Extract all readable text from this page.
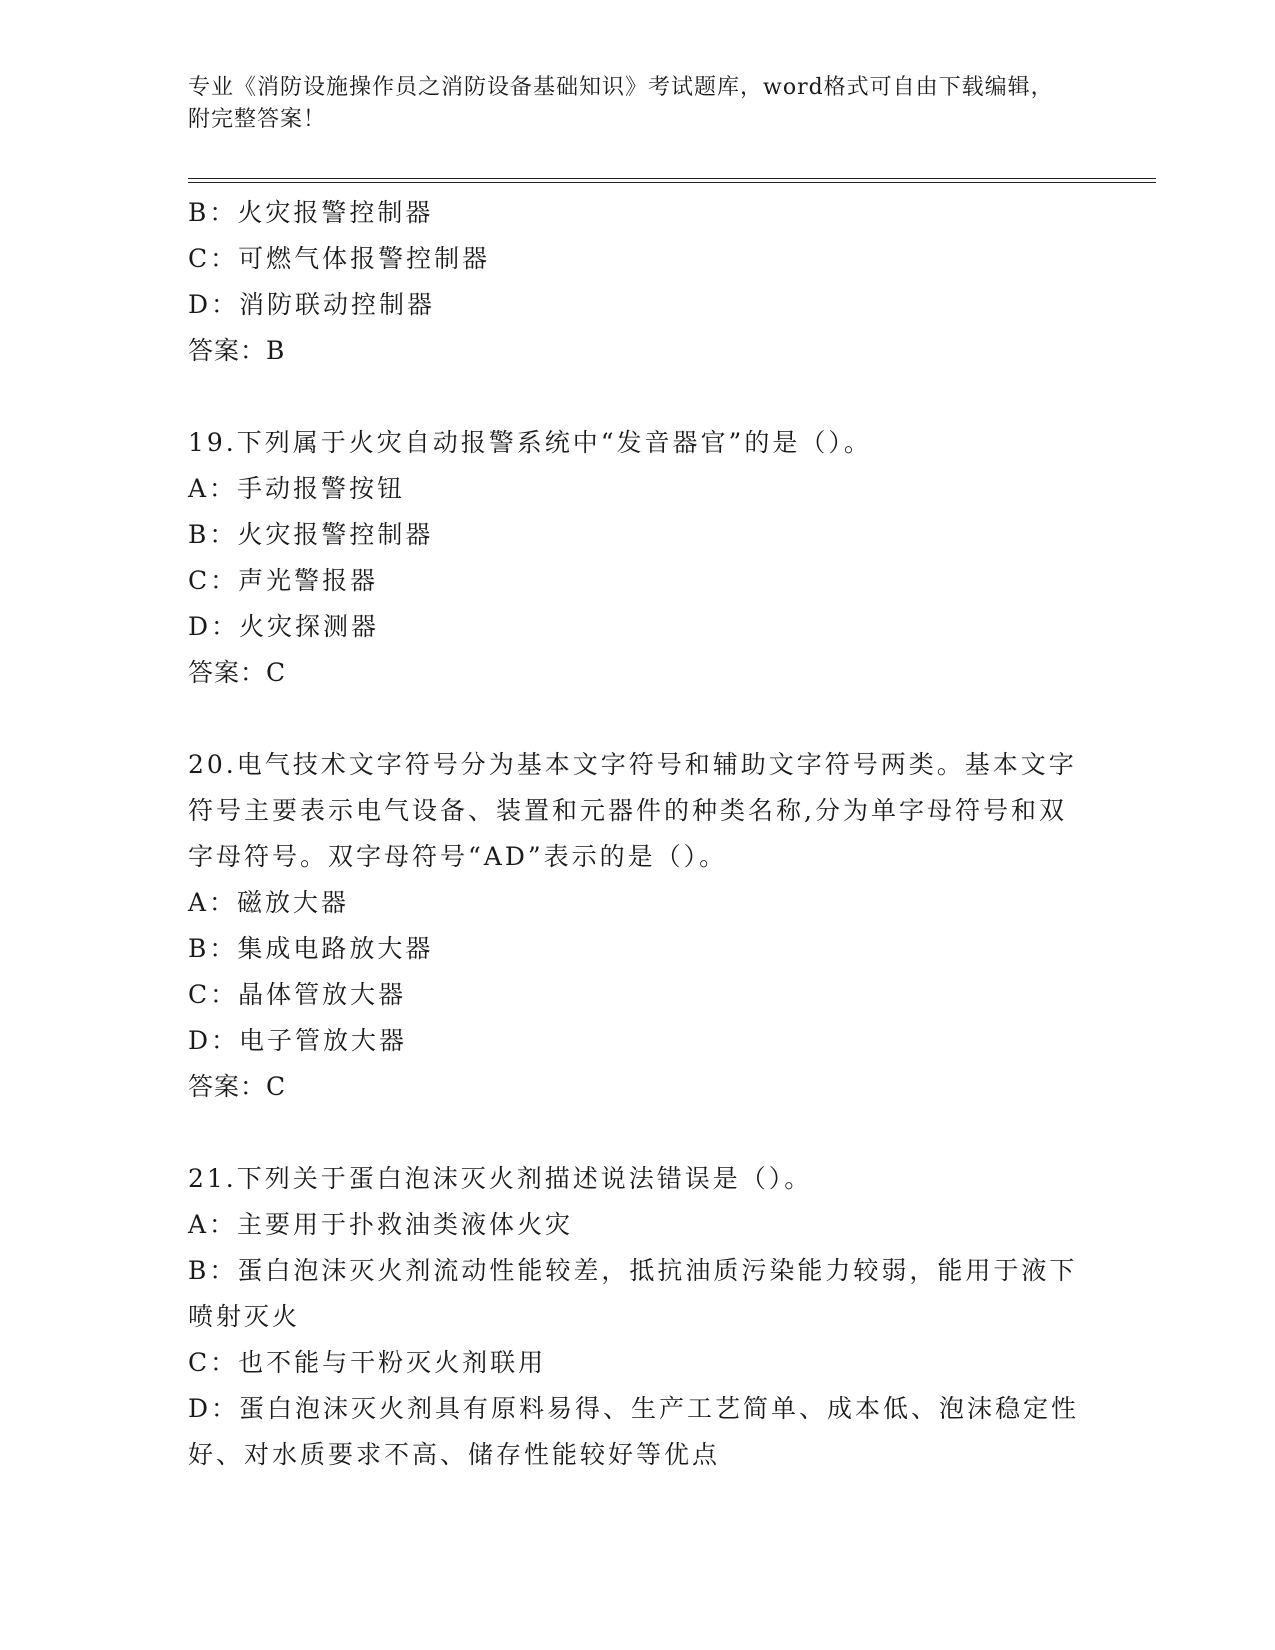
专业《消防设施操作员之消防设备基础知识》考试题库，word格式可自由下载编辑，附完整答案！

B：火灾报警控制器

C：可燃气体报警控制器

D：消防联动控制器

答案：B

19.下列属于火灾自动报警系统中“发音器官”的是（）。

A：手动报警按钮

B：火灾报警控制器

C：声光警报器

D：火灾探测器

答案：C

20.电气技术文字符号分为基本文字符号和辅助文字符号两类。基本文字符号主要表示电气设备、装置和元器件的种类名称,分为单字母符号和双字母符号。双字母符号“AD”表示的是（）。

A：磁放大器

B：集成电路放大器

C：晶体管放大器

D：电子管放大器

答案：C

21.下列关于蛋白泡沫灭火剂描述说法错误是（）。

A：主要用于扑救油类液体火灾

B：蛋白泡沫灭火剂流动性能较差，抵抗油质污染能力较弱，能用于液下喷射灭火

C：也不能与干粉灭火剂联用

D：蛋白泡沫灭火剂具有原料易得、生产工艺简单、成本低、泡沫稳定性好、对水质要求不高、储存性能较好等优点
